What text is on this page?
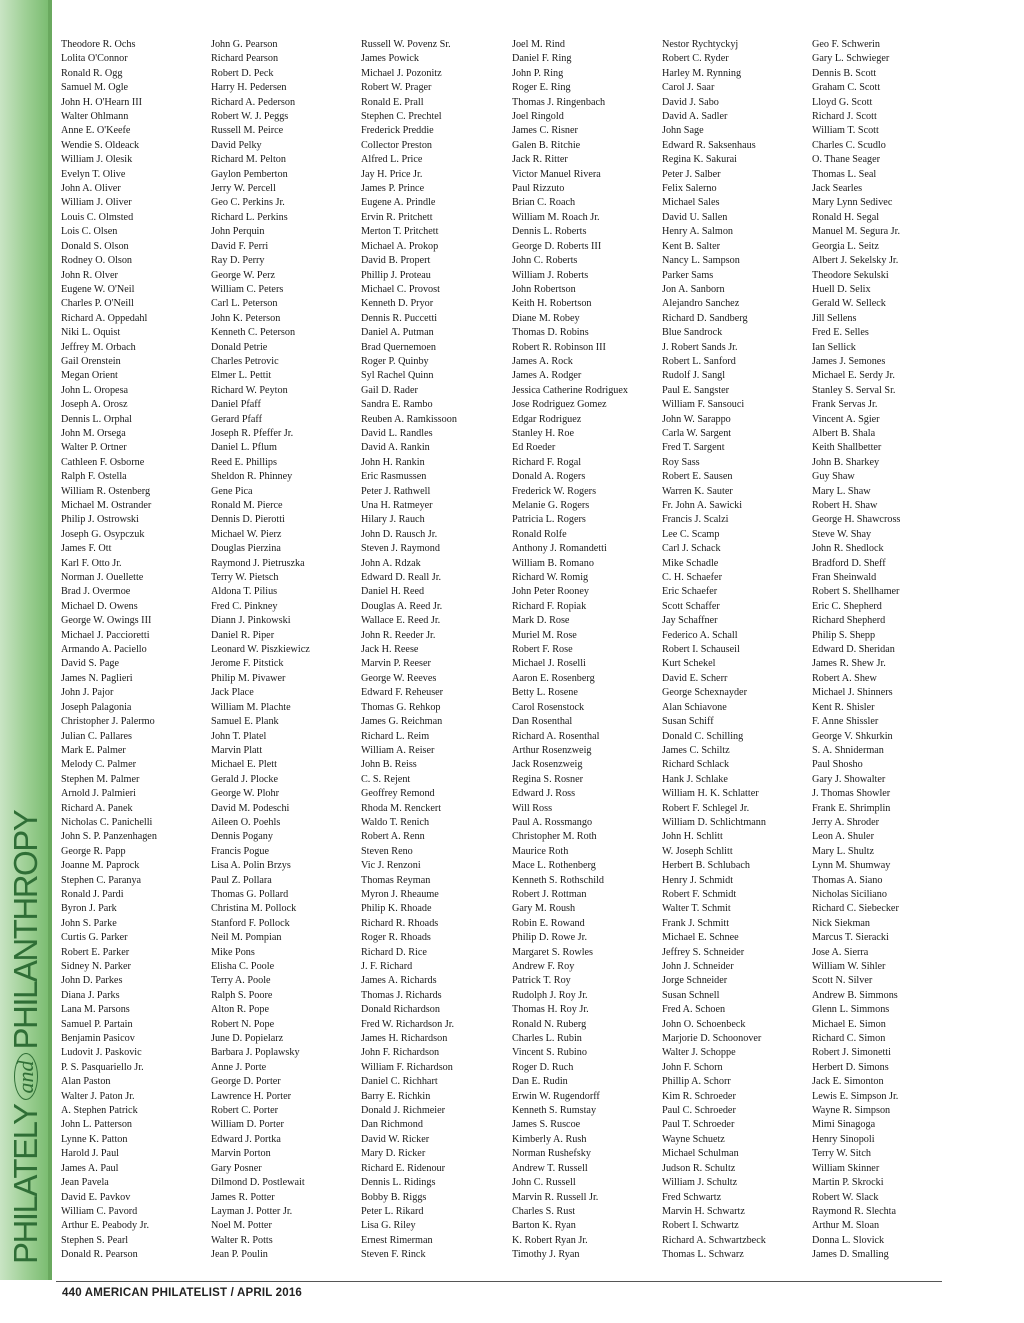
PHILATELY
and
PHILANTHROPY
Theodore R. Ochs
Lolita O'Connor
Ronald R. Ogg
Samuel M. Ogle
John H. O'Hearn III
Walter Ohlmann
Anne E. O'Keefe
Wendie S. Oldeack
William J. Olesik
Evelyn T. Olive
John A. Oliver
William J. Oliver
Louis C. Olmsted
Lois C. Olsen
Donald S. Olson
Rodney O. Olson
John R. Olver
Eugene W. O'Neil
Charles P. O'Neill
Richard A. Oppedahl
Niki L. Oquist
Jeffrey M. Orbach
Gail Orenstein
Megan Orient
John L. Oropesa
Joseph A. Orosz
Dennis L. Orphal
John M. Orsega
Walter P. Ortner
Cathleen F. Osborne
Ralph F. Ostella
William R. Ostenberg
Michael M. Ostrander
Philip J. Ostrowski
Joseph G. Osypczuk
James F. Ott
Karl F. Otto Jr.
Norman J. Ouellette
Brad J. Overmoe
Michael D. Owens
George W. Owings III
Michael J. Paccioretti
Armando A. Paciello
David S. Page
James N. Paglieri
John J. Pajor
Joseph Palagonia
Christopher J. Palermo
Julian C. Pallares
Mark E. Palmer
Melody C. Palmer
Stephen M. Palmer
Arnold J. Palmieri
Richard A. Panek
Nicholas C. Panichelli
John S. P. Panzenhagen
George R. Papp
Joanne M. Paprock
Stephen C. Paranya
Ronald J. Pardi
Byron J. Park
John S. Parke
Curtis G. Parker
Robert E. Parker
Sidney N. Parker
John D. Parkes
Diana J. Parks
Lana M. Parsons
Samuel P. Partain
Benjamin Pasicov
Ludovit J. Paskovic
P. S. Pasquariello Jr.
Alan Paston
Walter J. Paton Jr.
A. Stephen Patrick
John L. Patterson
Lynne K. Patton
Harold J. Paul
James A. Paul
Jean Pavela
David E. Pavkov
William C. Pavord
Arthur E. Peabody Jr.
Stephen S. Pearl
Donald R. Pearson
John G. Pearson
Richard Pearson
Robert D. Peck
Harry H. Pedersen
Richard A. Pederson
Robert W. J. Peggs
Russell M. Peirce
David Pelky
Richard M. Pelton
Gaylon Pemberton
Jerry W. Percell
Geo C. Perkins Jr.
Richard L. Perkins
John Perquin
David F. Perri
Ray D. Perry
George W. Perz
William C. Peters
Carl L. Peterson
John K. Peterson
Kenneth C. Peterson
Donald Petrie
Charles Petrovic
Elmer L. Pettit
Richard W. Peyton
Daniel Pfaff
Gerard Pfaff
Joseph R. Pfeffer Jr.
Daniel L. Pflum
Reed E. Phillips
Sheldon R. Phinney
Gene Pica
Ronald M. Pierce
Dennis D. Pierotti
Michael W. Pierz
Douglas Pierzina
Raymond J. Pietruszka
Terry W. Pietsch
Aldona T. Pilius
Fred C. Pinkney
Diann J. Pinkowski
Daniel R. Piper
Leonard W. Piszkiewicz
Jerome F. Pitstick
Philip M. Pivawer
Jack Place
William M. Plachte
Samuel E. Plank
John T. Platel
Marvin Platt
Michael E. Plett
Gerald J. Plocke
George W. Plohr
David M. Podeschi
Aileen O. Poehls
Dennis Pogany
Francis Pogue
Lisa A. Polin Brzys
Paul Z. Pollara
Thomas G. Pollard
Christina M. Pollock
Stanford F. Pollock
Neil M. Pompian
Mike Pons
Elisha C. Poole
Terry A. Poole
Ralph S. Poore
Alton R. Pope
Robert N. Pope
June D. Popielarz
Barbara J. Poplawsky
Anne J. Porte
George D. Porter
Lawrence H. Porter
Robert C. Porter
William D. Porter
Edward J. Portka
Marvin Porton
Gary Posner
Dilmond D. Postlewait
James R. Potter
Layman J. Potter Jr.
Noel M. Potter
Walter R. Potts
Jean P. Poulin
Russell W. Povenz Sr.
James Powick
Michael J. Pozonitz
Robert W. Prager
Ronald E. Prall
Stephen C. Prechtel
Frederick Preddie
Collector Preston
Alfred L. Price
Jay H. Price Jr.
James P. Prince
Eugene A. Prindle
Ervin R. Pritchett
Merton T. Pritchett
Michael A. Prokop
David B. Propert
Phillip J. Proteau
Michael C. Provost
Kenneth D. Pryor
Dennis R. Puccetti
Daniel A. Putman
Brad Quernemoen
Roger P. Quinby
Syl Rachel Quinn
Gail D. Rader
Sandra E. Rambo
Reuben A. Ramkissoon
David L. Randles
David A. Rankin
John H. Rankin
Eric Rasmussen
Peter J. Rathwell
Una H. Ratmeyer
Hilary J. Rauch
John D. Rausch Jr.
Steven J. Raymond
John A. Rdzak
Edward D. Reall Jr.
Daniel H. Reed
Douglas A. Reed Jr.
Wallace E. Reed Jr.
John R. Reeder Jr.
Jack H. Reese
Marvin P. Reeser
George W. Reeves
Edward F. Reheuser
Thomas G. Rehkop
James G. Reichman
Richard L. Reim
William A. Reiser
John B. Reiss
C. S. Rejent
Geoffrey Remond
Rhoda M. Renckert
Waldo T. Renich
Robert A. Renn
Steven Reno
Vic J. Renzoni
Thomas Reyman
Myron J. Rheaume
Philip K. Rhoade
Richard R. Rhoads
Roger R. Rhoads
Richard D. Rice
J. F. Richard
James A. Richards
Thomas J. Richards
Donald Richardson
Fred W. Richardson Jr.
James H. Richardson
John F. Richardson
William F. Richardson
Daniel C. Richhart
Barry E. Richkin
Donald J. Richmeier
Dan Richmond
David W. Ricker
Mary D. Ricker
Richard E. Ridenour
Dennis L. Ridings
Bobby B. Riggs
Peter L. Rikard
Lisa G. Riley
Ernest Rimerman
Steven F. Rinck
Joel M. Rind
Daniel F. Ring
John P. Ring
Roger E. Ring
Thomas J. Ringenbach
Joel Ringold
James C. Risner
Galen B. Ritchie
Jack R. Ritter
Victor Manuel Rivera
Paul Rizzuto
Brian C. Roach
William M. Roach Jr.
Dennis L. Roberts
George D. Roberts III
John C. Roberts
William J. Roberts
John Robertson
Keith H. Robertson
Diane M. Robey
Thomas D. Robins
Robert R. Robinson III
James A. Rock
James A. Rodger
Jessica Catherine Rodriguex
Jose Rodriguez Gomez
Edgar Rodriguez
Stanley H. Roe
Ed Roeder
Richard F. Rogal
Donald A. Rogers
Frederick W. Rogers
Melanie G. Rogers
Patricia L. Rogers
Ronald Rolfe
Anthony J. Romandetti
William B. Romano
Richard W. Romig
John Peter Rooney
Richard F. Ropiak
Mark D. Rose
Muriel M. Rose
Robert F. Rose
Michael J. Roselli
Aaron E. Rosenberg
Betty L. Rosene
Carol Rosenstock
Dan Rosenthal
Richard A. Rosenthal
Arthur Rosenzweig
Jack Rosenzweig
Regina S. Rosner
Edward J. Ross
Will Ross
Paul A. Rossmango
Christopher M. Roth
Maurice Roth
Mace L. Rothenberg
Kenneth S. Rothschild
Robert J. Rottman
Gary M. Roush
Robin E. Rowand
Philip D. Rowe Jr.
Margaret S. Rowles
Andrew F. Roy
Patrick T. Roy
Rudolph J. Roy Jr.
Thomas H. Roy Jr.
Ronald N. Ruberg
Charles L. Rubin
Vincent S. Rubino
Roger D. Ruch
Dan E. Rudin
Erwin W. Rugendorff
Kenneth S. Rumstay
James S. Ruscoe
Kimberly A. Rush
Norman Rushefsky
Andrew T. Russell
John C. Russell
Marvin R. Russell Jr.
Charles S. Rust
Barton K. Ryan
K. Robert Ryan Jr.
Timothy J. Ryan
Nestor Rychtyckyj
Robert C. Ryder
Harley M. Rynning
Carol J. Saar
David J. Sabo
David A. Sadler
John Sage
Edward R. Saksenhaus
Regina K. Sakurai
Peter J. Salber
Felix Salerno
Michael Sales
David U. Sallen
Henry A. Salmon
Kent B. Salter
Nancy L. Sampson
Parker Sams
Jon A. Sanborn
Alejandro Sanchez
Richard D. Sandberg
Blue Sandrock
J. Robert Sands Jr.
Robert L. Sanford
Rudolf J. Sangl
Paul E. Sangster
William F. Sansouci
John W. Sarappo
Carla W. Sargent
Fred T. Sargent
Roy Sass
Robert E. Sausen
Warren K. Sauter
Fr. John A. Sawicki
Francis J. Scalzi
Lee C. Scamp
Carl J. Schack
Mike Schadle
C. H. Schaefer
Eric Schaefer
Scott Schaffer
Jay Schaffner
Federico A. Schall
Robert I. Schauseil
Kurt Schekel
David E. Scherr
George Schexnayder
Alan Schiavone
Susan Schiff
Donald C. Schilling
James C. Schiltz
Richard Schlack
Hank J. Schlake
William H. K. Schlatter
Robert F. Schlegel Jr.
William D. Schlichtmann
John H. Schlitt
W. Joseph Schlitt
Herbert B. Schlubach
Henry J. Schmidt
Robert F. Schmidt
Walter T. Schmit
Frank J. Schmitt
Michael E. Schnee
Jeffrey S. Schneider
John J. Schneider
Jorge Schneider
Susan Schnell
Fred A. Schoen
John O. Schoenbeck
Marjorie D. Schoonover
Walter J. Schoppe
John F. Schorn
Phillip A. Schorr
Kim R. Schroeder
Paul C. Schroeder
Paul T. Schroeder
Wayne Schuetz
Michael Schulman
Judson R. Schultz
William J. Schultz
Fred Schwartz
Marvin H. Schwartz
Robert I. Schwartz
Richard A. Schwartzbeck
Thomas L. Schwarz
Geo F. Schwerin
Gary L. Schwieger
Dennis B. Scott
Graham C. Scott
Lloyd G. Scott
Richard J. Scott
William T. Scott
Charles C. Scudlo
O. Thane Seager
Thomas L. Seal
Jack Searles
Mary Lynn Sedivec
Ronald H. Segal
Manuel M. Segura Jr.
Georgia L. Seitz
Albert J. Sekelsky Jr.
Theodore Sekulski
Huell D. Selix
Gerald W. Selleck
Jill Sellens
Fred E. Selles
Ian Sellick
James J. Semones
Michael E. Serdy Jr.
Stanley S. Serval Sr.
Frank Servas Jr.
Vincent A. Sgier
Albert B. Shala
Keith Shallbetter
John B. Sharkey
Guy Shaw
Mary L. Shaw
Robert H. Shaw
George H. Shawcross
Steve W. Shay
John R. Shedlock
Bradford D. Sheff
Fran Sheinwald
Robert S. Shellhamer
Eric C. Shepherd
Richard Shepherd
Philip S. Shepp
Edward D. Sheridan
James R. Shew Jr.
Robert A. Shew
Michael J. Shinners
Kent R. Shisler
F. Anne Shissler
George V. Shkurkin
S. A. Shniderman
Paul Shosho
Gary J. Showalter
J. Thomas Showler
Frank E. Shrimplin
Jerry A. Shroder
Leon A. Shuler
Mary L. Shultz
Lynn M. Shumway
Thomas A. Siano
Nicholas Siciliano
Richard C. Siebecker
Nick Siekman
Marcus T. Sieracki
Jose A. Sierra
William W. Sihler
Scott N. Silver
Andrew B. Simmons
Glenn L. Simmons
Michael E. Simon
Richard C. Simon
Robert J. Simonetti
Herbert D. Simons
Jack E. Simonton
Lewis E. Simpson Jr.
Wayne R. Simpson
Mimi Sinagoga
Henry Sinopoli
Terry W. Sitch
William Skinner
Martin P. Skrocki
Robert W. Slack
Raymond R. Slechta
Arthur M. Sloan
Donna L. Slovick
James D. Smalling
440 AMERICAN PHILATELIST / APRIL 2016
